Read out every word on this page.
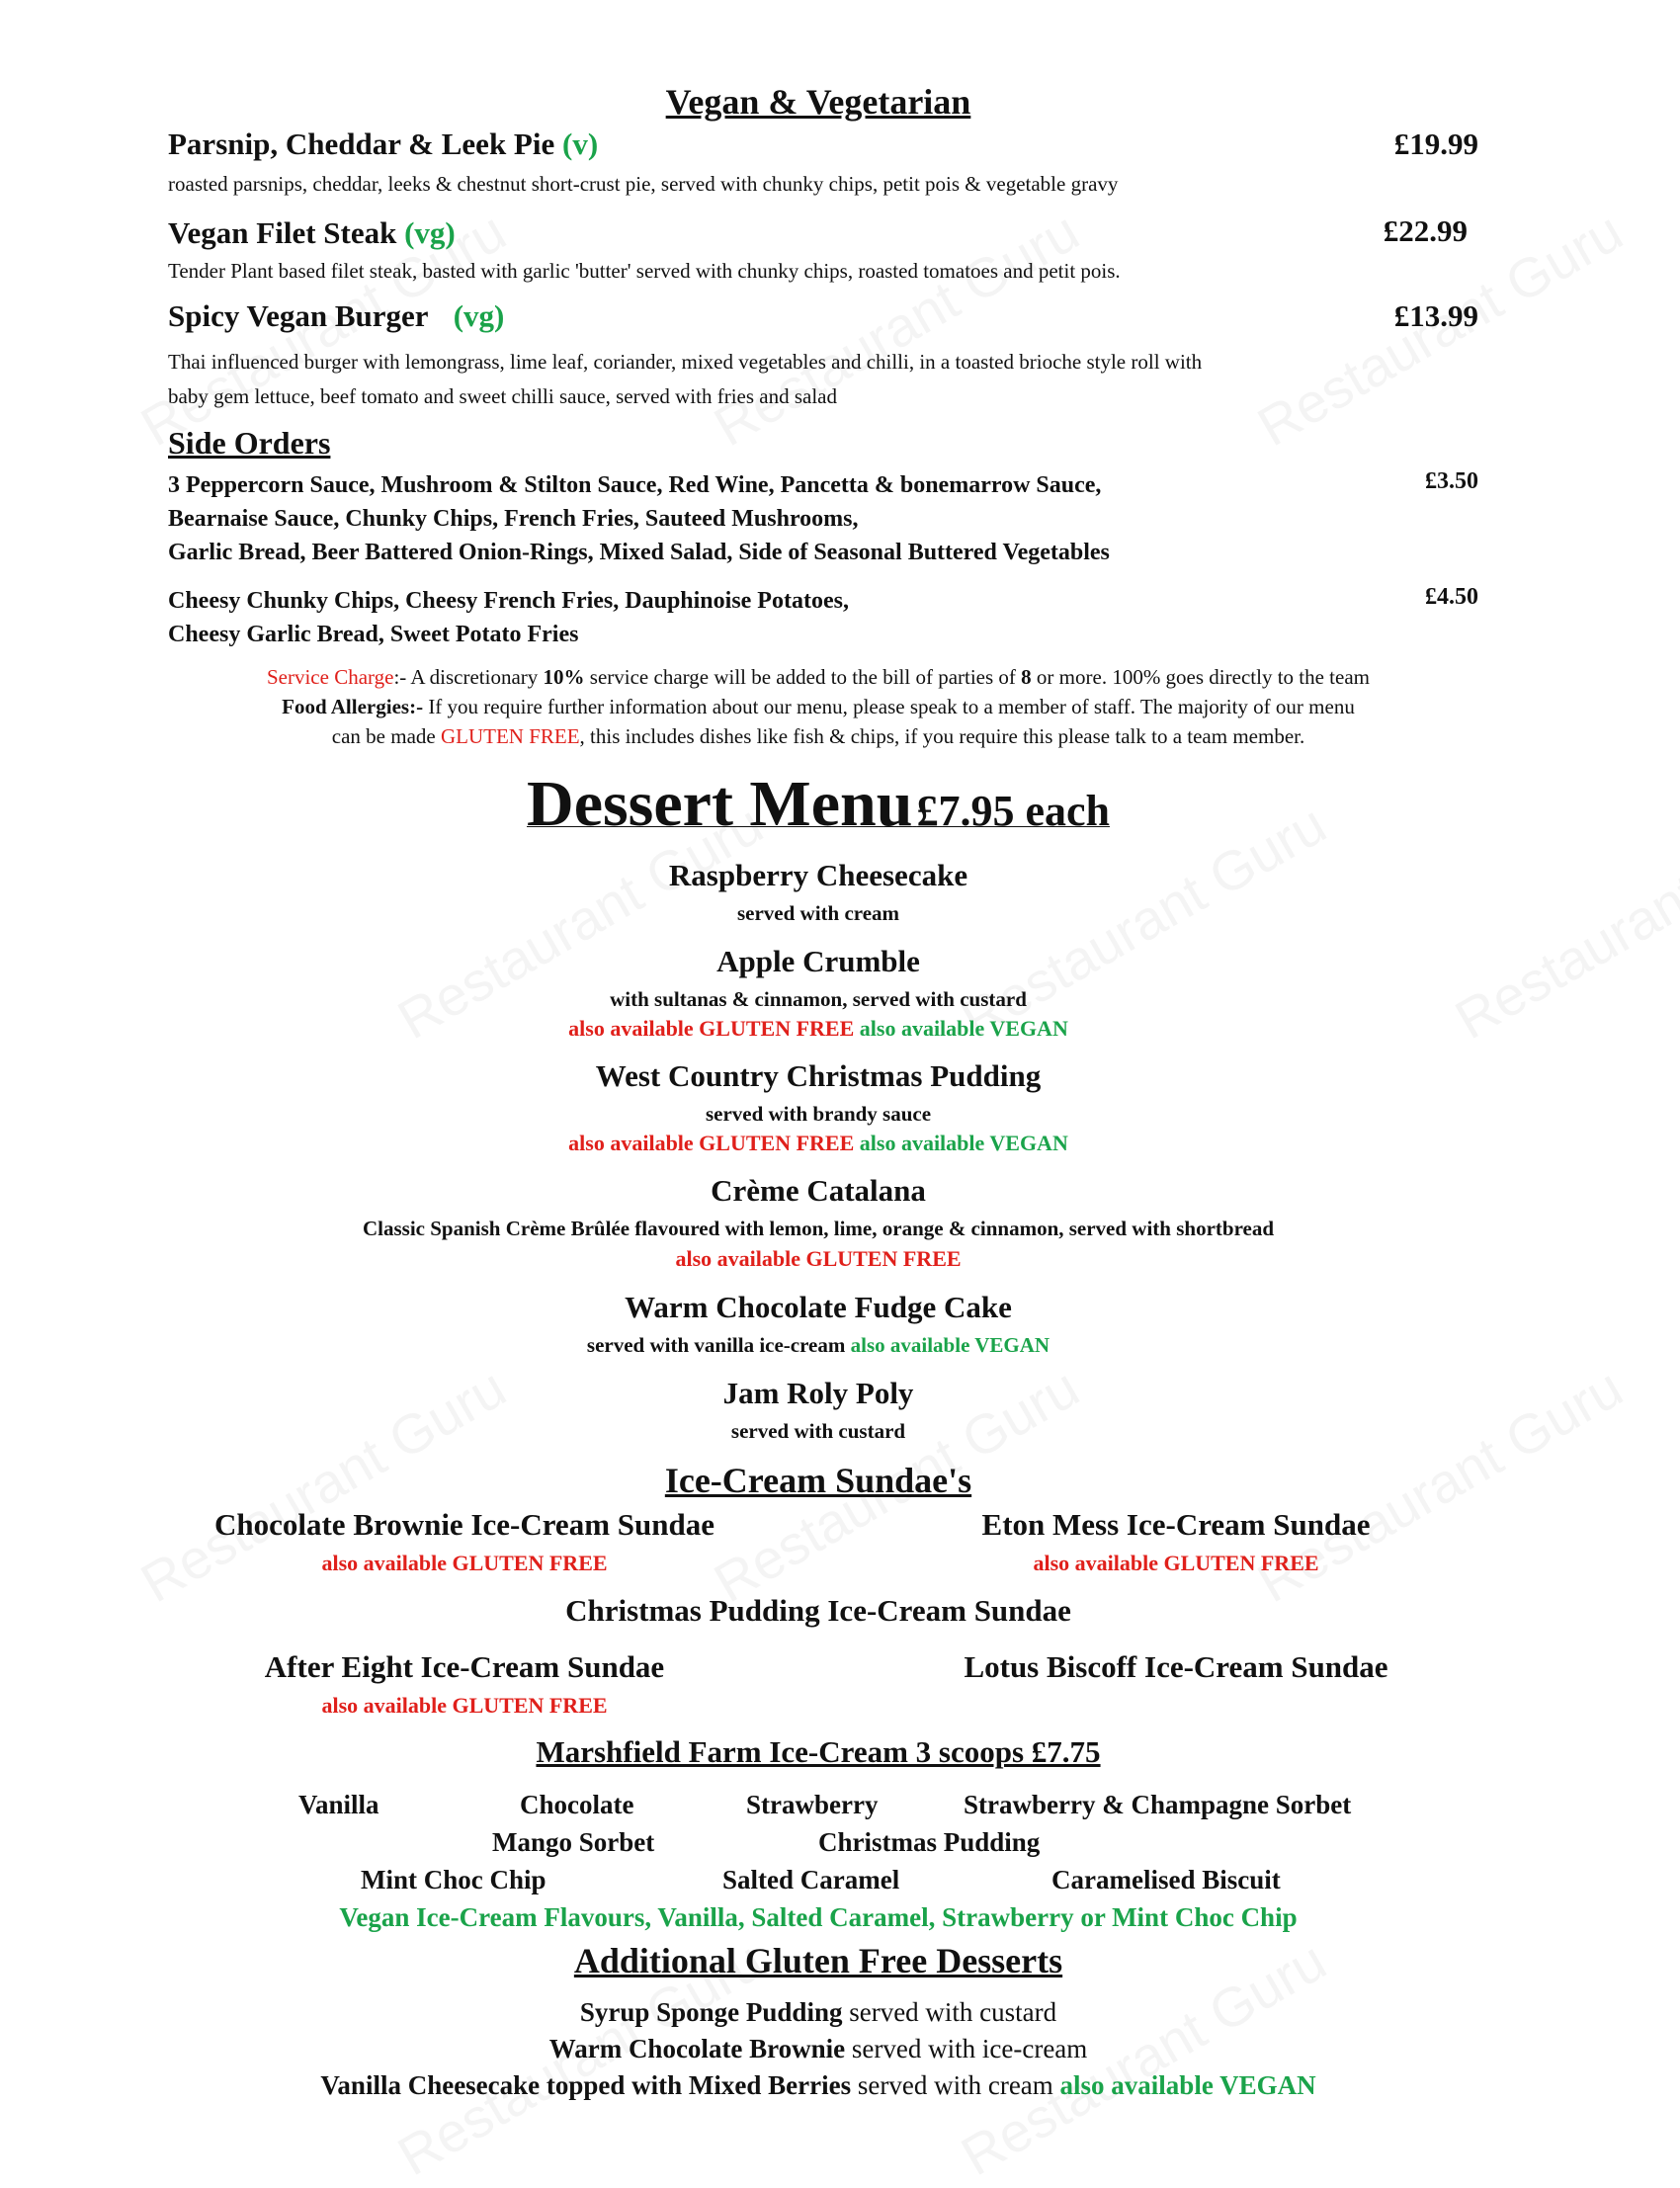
Vegan & Vegetarian
Parsnip, Cheddar & Leek Pie (v)	£19.99
roasted parsnips, cheddar, leeks & chestnut short-crust pie, served with chunky chips, petit pois & vegetable gravy
Vegan Filet Steak (vg)	£22.99
Tender Plant based filet steak, basted with garlic 'butter' served with chunky chips, roasted tomatoes and petit pois.
Spicy Vegan Burger (vg)	£13.99
Thai influenced burger with lemongrass, lime leaf, coriander, mixed vegetables and chilli, in a toasted brioche style roll with
baby gem lettuce, beef tomato and sweet chilli sauce, served with fries and salad
Side Orders
3 Peppercorn Sauce, Mushroom & Stilton Sauce, Red Wine, Pancetta & bonemarrow Sauce,
Bearnaise Sauce, Chunky Chips, French Fries, Sauteed Mushrooms,
Garlic Bread, Beer Battered Onion-Rings, Mixed Salad, Side of Seasonal Buttered Vegetables
£3.50
Cheesy Chunky Chips, Cheesy French Fries, Dauphinoise Potatoes,
Cheesy Garlic Bread, Sweet Potato Fries
£4.50
Service Charge:- A discretionary 10% service charge will be added to the bill of parties of 8 or more. 100% goes directly to the team
Food Allergies:- If you require further information about our menu, please speak to a member of staff. The majority of our menu
can be made GLUTEN FREE, this includes dishes like fish & chips, if you require this please talk to a team member.
Dessert Menu £7.95 each
Raspberry Cheesecake
served with cream
Apple Crumble
with sultanas & cinnamon, served with custard
also available GLUTEN FREE also available VEGAN
West Country Christmas Pudding
served with brandy sauce
also available GLUTEN FREE also available VEGAN
Crème Catalana
Classic Spanish Crème Brûlée flavoured with lemon, lime, orange & cinnamon, served with shortbread
also available GLUTEN FREE
Warm Chocolate Fudge Cake
served with vanilla ice-cream also available VEGAN
Jam Roly Poly
served with custard
Ice-Cream Sundae's
Chocolate Brownie Ice-Cream Sundae
also available GLUTEN FREE
Eton Mess Ice-Cream Sundae
also available GLUTEN FREE
Christmas Pudding Ice-Cream Sundae
After Eight Ice-Cream Sundae
also available GLUTEN FREE
Lotus Biscoff Ice-Cream Sundae
Marshfield Farm Ice-Cream 3 scoops £7.75
Vanilla	Chocolate	Strawberry	Strawberry & Champagne Sorbet
Mango Sorbet	Christmas Pudding
Mint Choc Chip	Salted Caramel	Caramelised Biscuit
Vegan Ice-Cream Flavours, Vanilla, Salted Caramel, Strawberry or Mint Choc Chip
Additional Gluten Free Desserts
Syrup Sponge Pudding served with custard
Warm Chocolate Brownie served with ice-cream
Vanilla Cheesecake topped with Mixed Berries served with cream also available VEGAN
